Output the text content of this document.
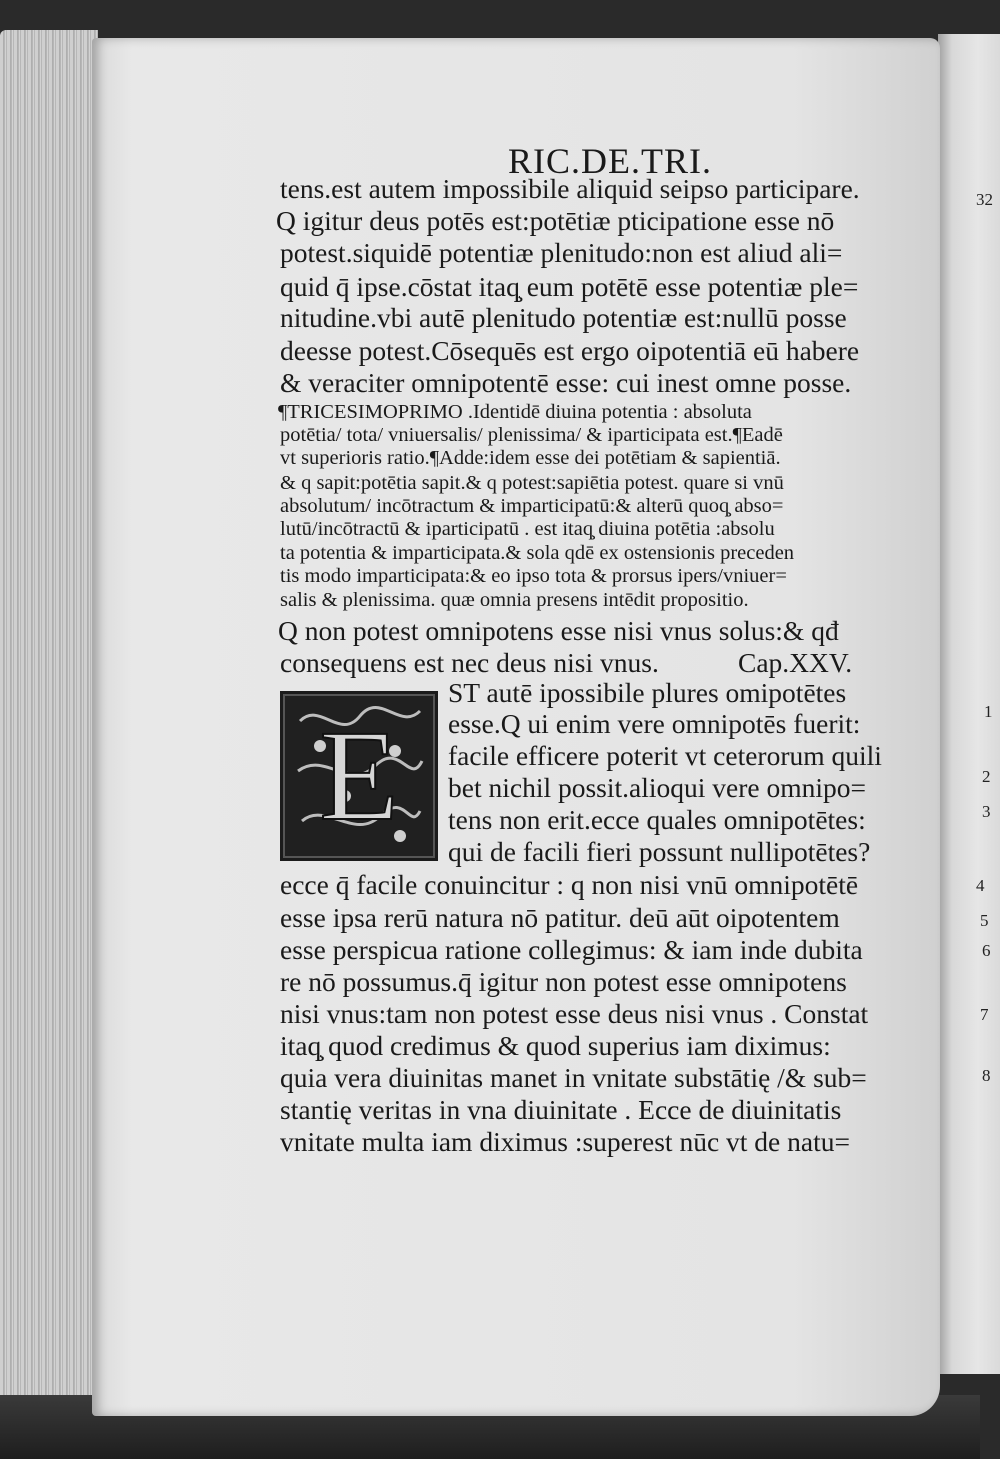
RIC.DE.TRI.
tens.est autem impossibile aliquid seipso participare.
Q igitur deus potēs est:potētiæ pticipatione esse nō
potest.siquidē potentiæ plenitudo:non est aliud ali=
quid q̄ ipse.cōstat itaq̧ eum potētē esse potentiæ ple=
nitudine.vbi autē plenitudo potentiæ est:nullū posse
deesse potest.Cōsequēs est ergo oipotentiā eū habere
& veraciter omnipotentē esse: cui inest omne posse.
¶TRICESIMOPRIMO .Identidē diuina potentia : absoluta
potētia/ tota/ vniuersalis/ plenissima/ & iparticipata est.¶Eadē
vt superioris ratio.¶Adde:idem esse dei potētiam & sapientiā.
& q sapit:potētia sapit.& q potest:sapiētia potest. quare si vnū
absolutum/ incōtractum & imparticipatū:& alterū quoq̧ abso=
lutū/incōtractū & iparticipatū . est itaq̧ diuina potētia :absolu
ta potentia & imparticipata.& sola qdē ex ostensionis preceden
tis modo imparticipata:& eo ipso tota & prorsus ipers/vniuer=
salis & plenissima. quæ omnia presens intēdit propositio.
Q non potest omnipotens esse nisi vnus solus:& qđ
consequens est nec deus nisi vnus.	Cap.XXV.
E
ST autē ipossibile plures omipotētes
esse.Q ui enim vere omnipotēs fuerit:
facile efficere poterit vt ceterorum quili
bet nichil possit.alioqui vere omnipo=
tens non erit.ecce quales omnipotētes:
qui de facili fieri possunt nullipotētes?
ecce q̄ facile conuincitur : q non nisi vnū omnipotētē
esse ipsa rerū natura nō patitur. deū aūt oipotentem
esse perspicua ratione collegimus: & iam inde dubita
re nō possumus.q̄ igitur non potest esse omnipotens
nisi vnus:tam non potest esse deus nisi vnus . Constat
itaq̧ quod credimus & quod superius iam diximus:
quia vera diuinitas manet in vnitate substātię /& sub=
stantię veritas in vna diuinitate . Ecce de diuinitatis
vnitate multa iam diximus :superest nūc vt de natu=
32
1
2
3
4
5
6
7
8
